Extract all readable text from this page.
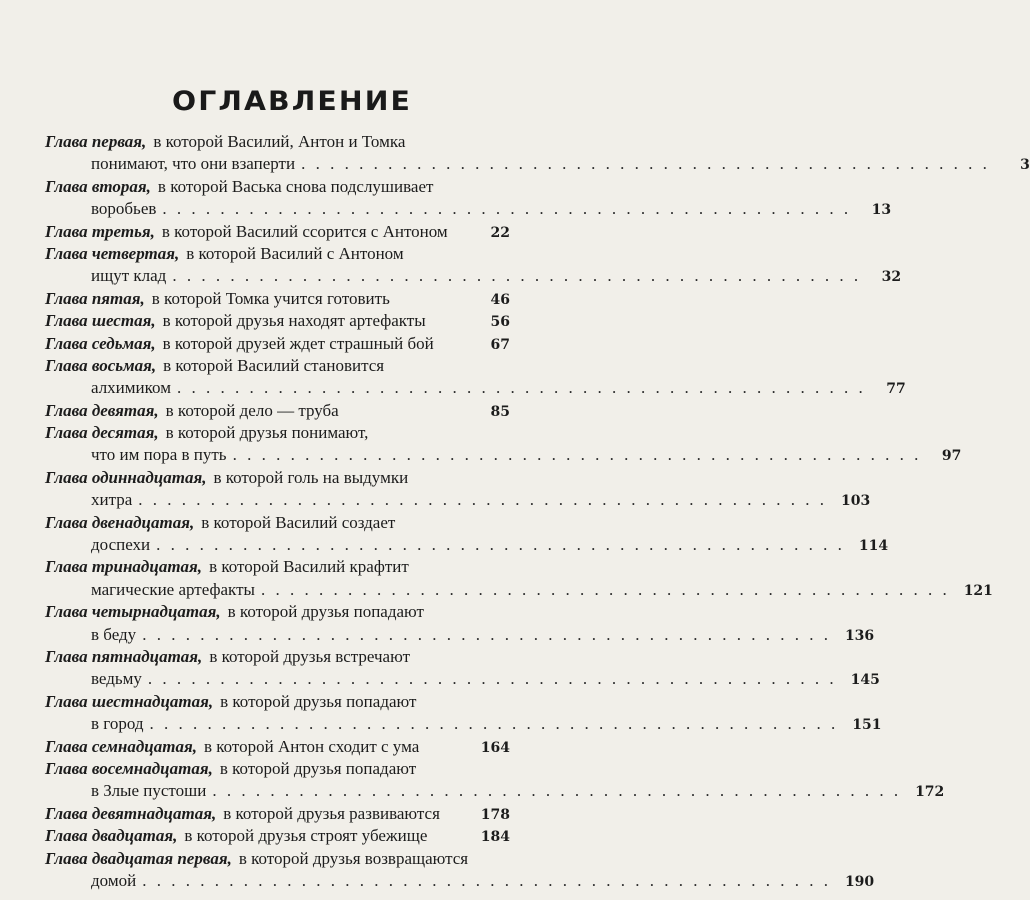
ОГЛАВЛЕНИЕ
Глава первая, в которой Василий, Антон и Томка
понимают, что они взаперти . . . . . . . . . . . . . . . . . . . . . . . . . . . . . . . . . . . . . . . . . . . . . . . .	3
Глава вторая, в которой Васька снова подслушивает
воробьев . . . . . . . . . . . . . . . . . . . . . . . . . . . . . . . . . . . . . . . . . . . . . . . .	13
Глава третья, в которой Василий ссорится с Антоном	22
Глава четвертая, в которой Василий с Антоном
ищут клад . . . . . . . . . . . . . . . . . . . . . . . . . . . . . . . . . . . . . . . . . . . . . . . .	32
Глава пятая, в которой Томка учится готовить	46
Глава шестая, в которой друзья находят артефакты	56
Глава седьмая, в которой друзей ждет страшный бой	67
Глава восьмая, в которой Василий становится
алхимиком . . . . . . . . . . . . . . . . . . . . . . . . . . . . . . . . . . . . . . . . . . . . . . . .	77
Глава девятая, в которой дело — труба	85
Глава десятая, в которой друзья понимают,
что им пора в путь . . . . . . . . . . . . . . . . . . . . . . . . . . . . . . . . . . . . . . . . . . . . . . . .	97
Глава одиннадцатая, в которой голь на выдумки
хитра . . . . . . . . . . . . . . . . . . . . . . . . . . . . . . . . . . . . . . . . . . . . . . . . 103
Глава двенадцатая, в которой Василий создает
доспехи . . . . . . . . . . . . . . . . . . . . . . . . . . . . . . . . . . . . . . . . . . . . . . . . 114
Глава тринадцатая, в которой Василий крафтит
магические артефакты . . . . . . . . . . . . . . . . . . . . . . . . . . . . . . . . . . . . . . . . . . . . . . . . 121
Глава четырнадцатая, в которой друзья попадают
в беду . . . . . . . . . . . . . . . . . . . . . . . . . . . . . . . . . . . . . . . . . . . . . . . . 136
Глава пятнадцатая, в которой друзья встречают
ведьму . . . . . . . . . . . . . . . . . . . . . . . . . . . . . . . . . . . . . . . . . . . . . . . . 145
Глава шестнадцатая, в которой друзья попадают
в город . . . . . . . . . . . . . . . . . . . . . . . . . . . . . . . . . . . . . . . . . . . . . . . . 151
Глава семнадцатая, в которой Антон сходит с ума	164
Глава восемнадцатая, в которой друзья попадают
в Злые пустоши . . . . . . . . . . . . . . . . . . . . . . . . . . . . . . . . . . . . . . . . . . . . . . . . 172
Глава девятнадцатая, в которой друзья развиваются	178
Глава двадцатая, в которой друзья строят убежище	184
Глава двадцатая первая, в которой друзья возвращаются
домой . . . . . . . . . . . . . . . . . . . . . . . . . . . . . . . . . . . . . . . . . . . . . . . . 190
